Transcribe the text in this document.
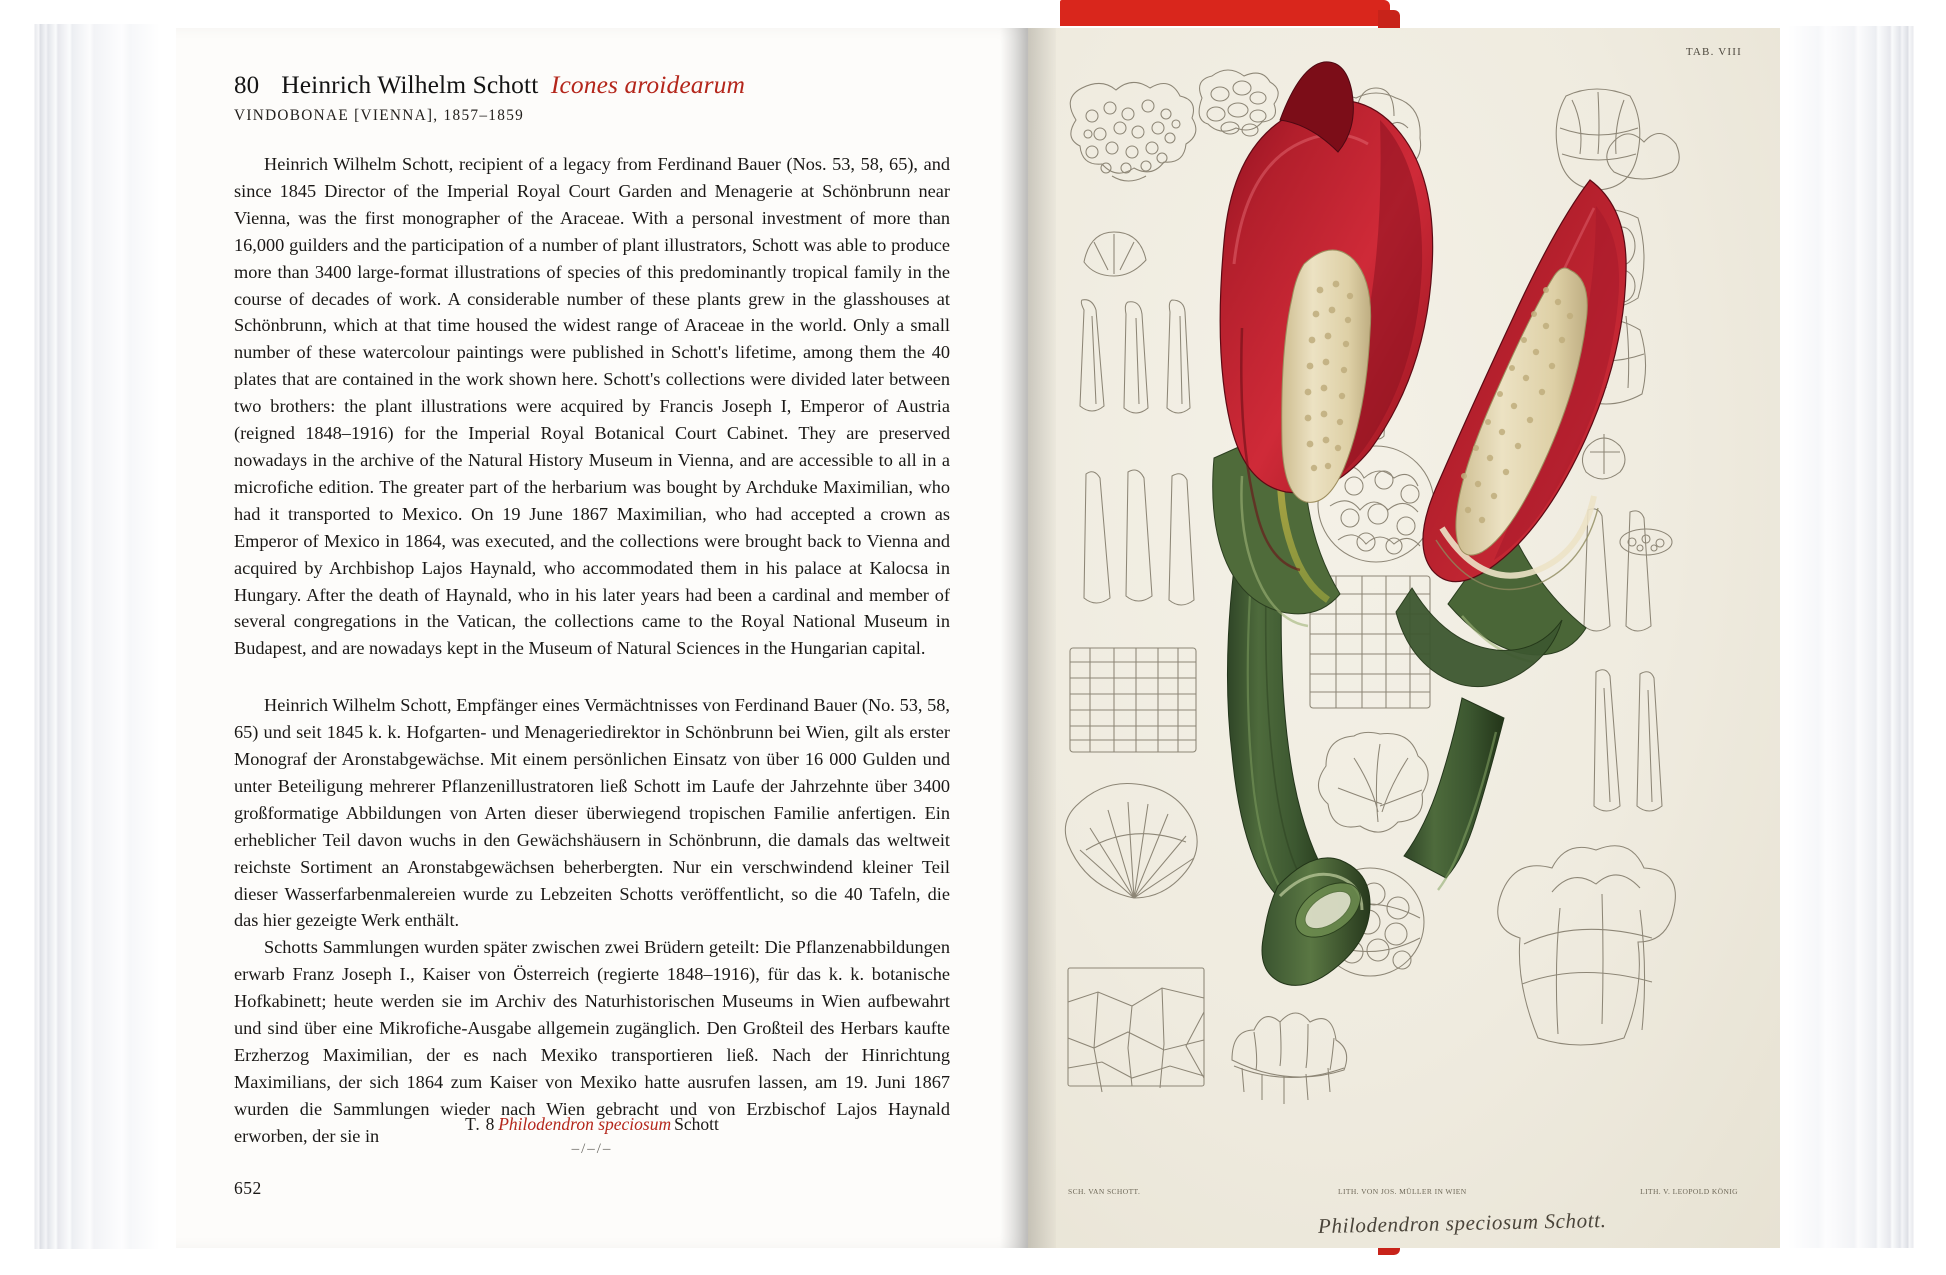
80 Heinrich Wilhelm Schott Icones aroidearum
VINDOBONAE [VIENNA], 1857–1859
Heinrich Wilhelm Schott, recipient of a legacy from Ferdinand Bauer (Nos. 53, 58, 65), and since 1845 Director of the Imperial Royal Court Garden and Menagerie at Schönbrunn near Vienna, was the first monographer of the Araceae. With a personal investment of more than 16,000 guilders and the participation of a number of plant illustrators, Schott was able to produce more than 3400 large-format illustrations of species of this predominantly tropical family in the course of decades of work. A considerable number of these plants grew in the glasshouses at Schönbrunn, which at that time housed the widest range of Araceae in the world. Only a small number of these watercolour paintings were published in Schott's lifetime, among them the 40 plates that are contained in the work shown here. Schott's collections were divided later between two brothers: the plant illustrations were acquired by Francis Joseph I, Emperor of Austria (reigned 1848–1916) for the Imperial Royal Botanical Court Cabinet. They are preserved nowadays in the archive of the Natural History Museum in Vienna, and are accessible to all in a microfiche edition. The greater part of the herbarium was bought by Archduke Maximilian, who had it transported to Mexico. On 19 June 1867 Maximilian, who had accepted a crown as Emperor of Mexico in 1864, was executed, and the collections were brought back to Vienna and acquired by Archbishop Lajos Haynald, who accommodated them in his palace at Kalocsa in Hungary. After the death of Haynald, who in his later years had been a cardinal and member of several congregations in the Vatican, the collections came to the Royal National Museum in Budapest, and are nowadays kept in the Museum of Natural Sciences in the Hungarian capital.
Heinrich Wilhelm Schott, Empfänger eines Vermächtnisses von Ferdinand Bauer (No. 53, 58, 65) und seit 1845 k. k. Hofgarten‑ und Menageriedirektor in Schönbrunn bei Wien, gilt als erster Monograf der Aronstabgewächse. Mit einem persönlichen Einsatz von über 16 000 Gulden und unter Beteiligung mehrerer Pflanzenillustratoren ließ Schott im Laufe der Jahrzehnte über 3400 großformatige Abbildungen von Arten dieser überwiegend tropischen Familie anfertigen. Ein erheblicher Teil davon wuchs in den Gewächshäusern in Schönbrunn, die damals das weltweit reichste Sortiment an Aronstabgewächsen beherbergten. Nur ein verschwindend kleiner Teil dieser Wasserfarbenmalereien wurde zu Lebzeiten Schotts veröffentlicht, so die 40 Tafeln, die das hier gezeigte Werk enthält.
Schotts Sammlungen wurden später zwischen zwei Brüdern geteilt: Die Pflanzenabbildungen erwarb Franz Joseph I., Kaiser von Österreich (regierte 1848–1916), für das k. k. botanische Hofkabinett; heute werden sie im Archiv des Naturhistorischen Museums in Wien aufbewahrt und sind über eine Mikrofiche‑Ausgabe allgemein zugänglich. Den Großteil des Herbars kaufte Erzherzog Maximilian, der es nach Mexiko transportieren ließ. Nach der Hinrichtung Maximilians, der sich 1864 zum Kaiser von Mexiko hatte ausrufen lassen, am 19. Juni 1867 wurden die Sammlungen wieder nach Wien gebracht und von Erzbischof Lajos Haynald erworben, der sie in
T. 8 Philodendron speciosum Schott
–/–/–
652
TAB. VIII
SCH. VAN SCHOTT.	LITH. VON JOS. MÜLLER IN WIEN	LITH. V. LEOPOLD KÖNIG
Philodendron speciosum Schott.
